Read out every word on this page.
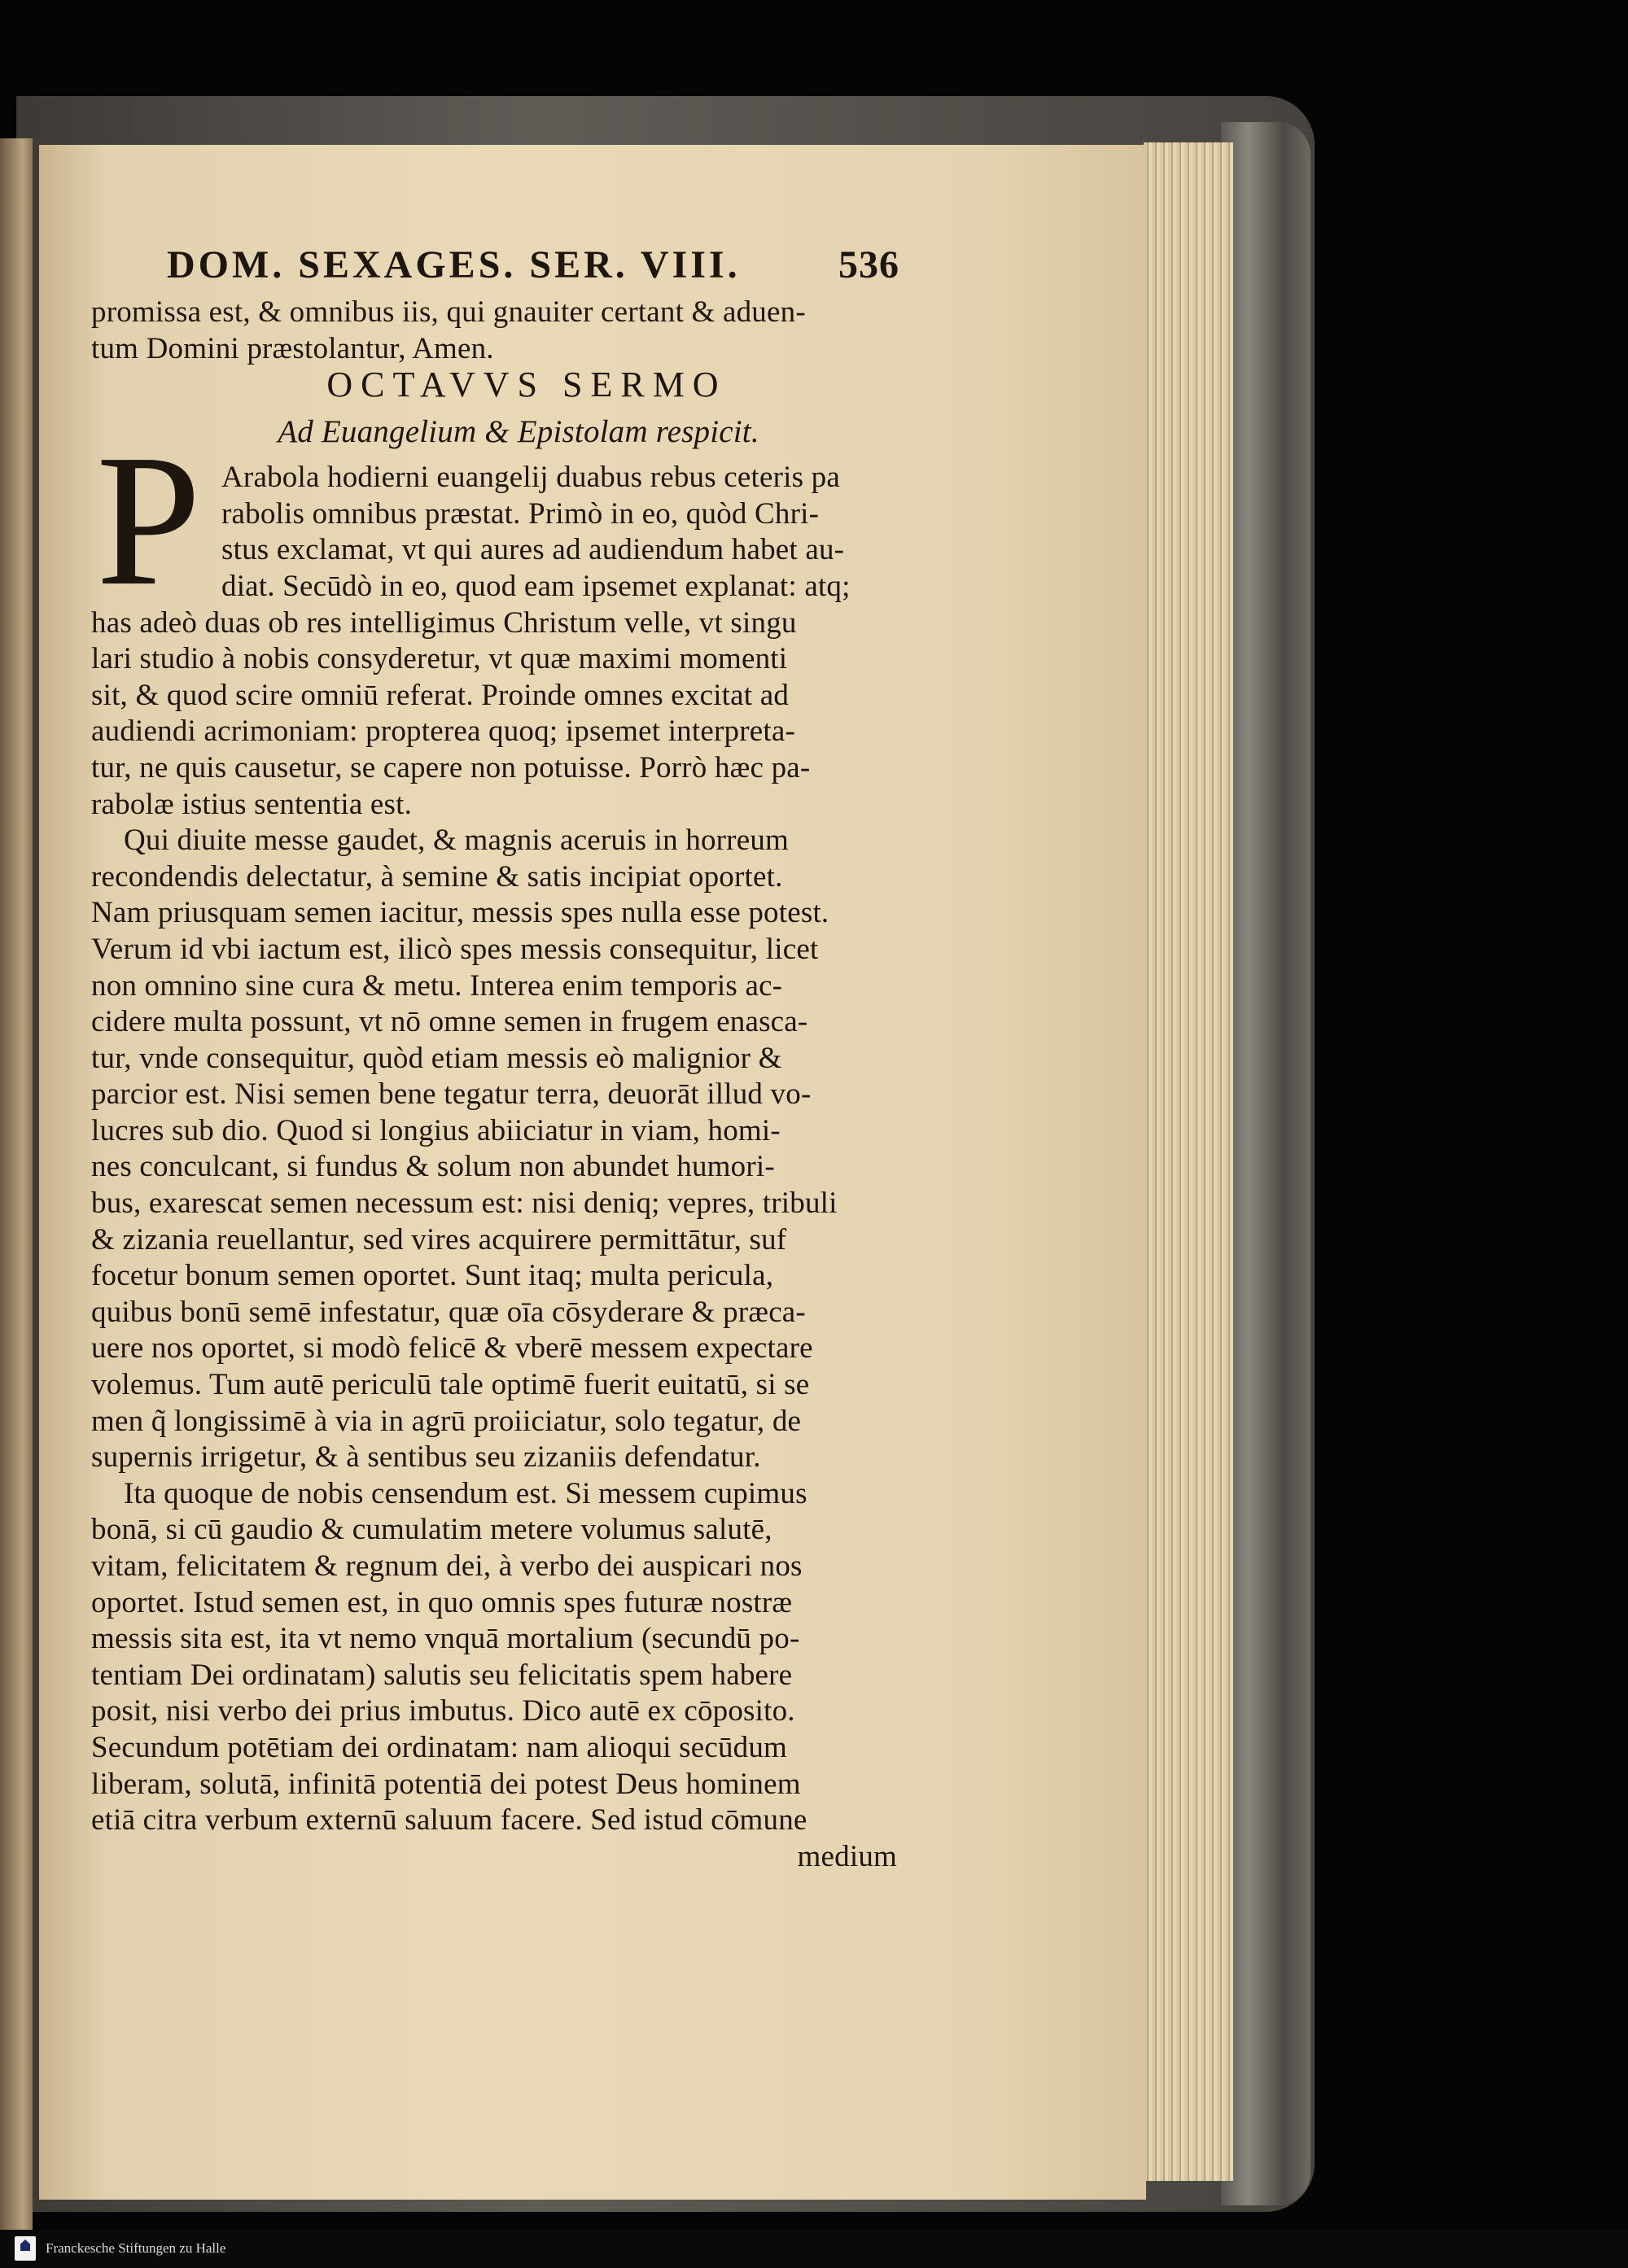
DOM. SEXAGES. SER. VIII.	536
P
promissa est, & omnibus iis, qui gnauiter certant & aduen-
tum Domini præstolantur, Amen.
OCTAVVS SERMO
Ad Euangelium & Epistolam respicit.
Arabola hodierni euangelij duabus rebus ceteris pa
rabolis omnibus præstat. Primò in eo, quòd Chri-
stus exclamat, vt qui aures ad audiendum habet au-
diat. Secūdò in eo, quod eam ipsemet explanat: atq;
has adeò duas ob res intelligimus Christum velle, vt singu
lari studio à nobis consyderetur, vt quæ maximi momenti
sit, & quod scire omniū referat. Proinde omnes excitat ad
audiendi acrimoniam: propterea quoq; ipsemet interpreta-
tur, ne quis causetur, se capere non potuisse. Porrò hæc pa-
rabolæ istius sententia est.
Qui diuite messe gaudet, & magnis aceruis in horreum
recondendis delectatur, à semine & satis incipiat oportet.
Nam priusquam semen iacitur, messis spes nulla esse potest.
Verum id vbi iactum est, ilicò spes messis consequitur, licet
non omnino sine cura & metu. Interea enim temporis ac-
cidere multa possunt, vt nō omne semen in frugem enasca-
tur, vnde consequitur, quòd etiam messis eò malignior &
parcior est. Nisi semen bene tegatur terra, deuorāt illud vo-
lucres sub dio. Quod si longius abiiciatur in viam, homi-
nes conculcant, si fundus & solum non abundet humori-
bus, exarescat semen necessum est: nisi deniq; vepres, tribuli
& zizania reuellantur, sed vires acquirere permittātur, suf
focetur bonum semen oportet. Sunt itaq; multa pericula,
quibus bonū semē infestatur, quæ oīa cōsyderare & præca-
uere nos oportet, si modò felicē & vberē messem expectare
volemus. Tum autē periculū tale optimē fuerit euitatū, si se
men q̃ longissimē à via in agrū proiiciatur, solo tegatur, de
supernis irrigetur, & à sentibus seu zizaniis defendatur.
Ita quoque de nobis censendum est. Si messem cupimus
bonā, si cū gaudio & cumulatim metere volumus salutē,
vitam, felicitatem & regnum dei, à verbo dei auspicari nos
oportet. Istud semen est, in quo omnis spes futuræ nostræ
messis sita est, ita vt nemo vnquā mortalium (secundū po-
tentiam Dei ordinatam) salutis seu felicitatis spem habere
posit, nisi verbo dei prius imbutus. Dico autē ex cōposito.
Secundum potētiam dei ordinatam: nam alioqui secūdum
liberam, solutā, infinitā potentiā dei potest Deus hominem
etiā citra verbum externū saluum facere. Sed istud cōmune
medium
Franckesche Stiftungen zu Halle
